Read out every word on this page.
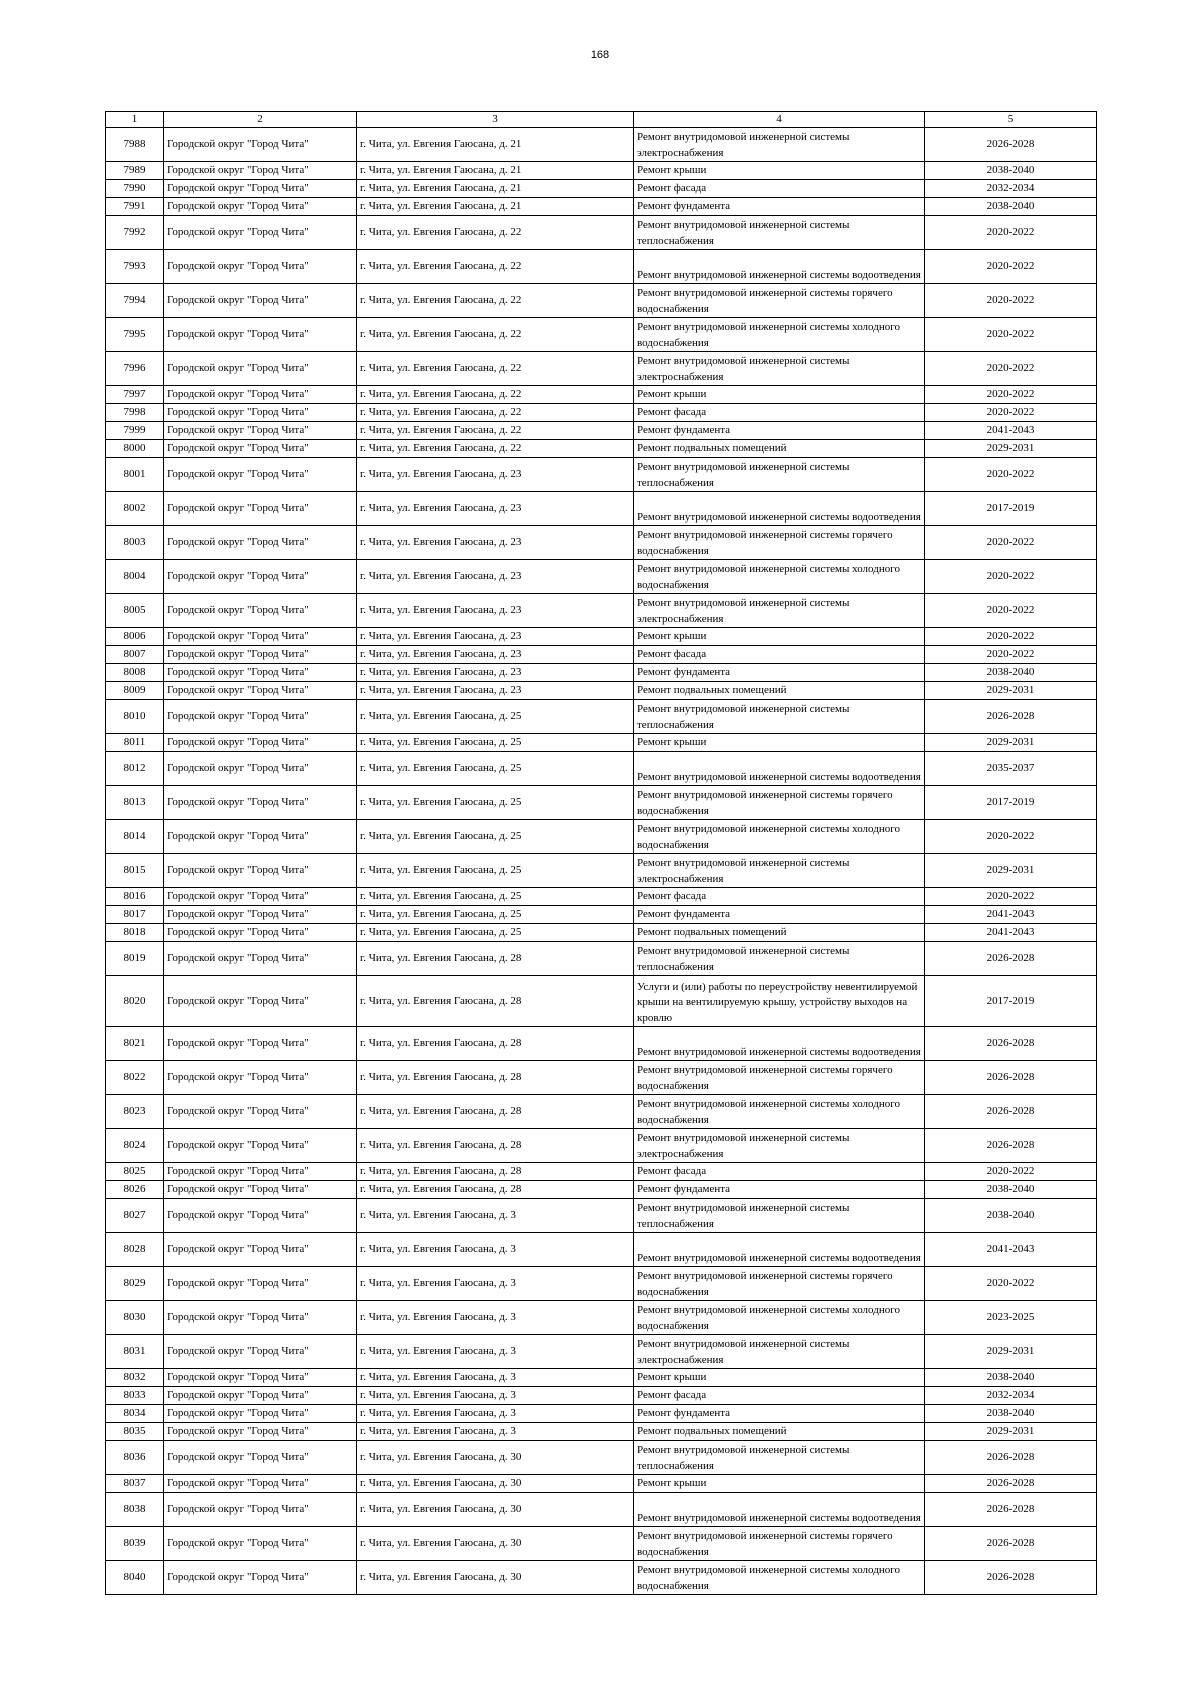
168
1	2	3	4	5
7988	Городской округ "Город Чита"	г. Чита, ул. Евгения Гаюсана, д. 21	Ремонт внутридомовой инженерной системы электроснабжения	2026-2028
7989	Городской округ "Город Чита"	г. Чита, ул. Евгения Гаюсана, д. 21	Ремонт крыши	2038-2040
7990	Городской округ "Город Чита"	г. Чита, ул. Евгения Гаюсана, д. 21	Ремонт фасада	2032-2034
7991	Городской округ "Город Чита"	г. Чита, ул. Евгения Гаюсана, д. 21	Ремонт фундамента	2038-2040
7992	Городской округ "Город Чита"	г. Чита, ул. Евгения Гаюсана, д. 22	Ремонт внутридомовой инженерной системы теплоснабжения	2020-2022
7993	Городской округ "Город Чита"	г. Чита, ул. Евгения Гаюсана, д. 22	Ремонт внутридомовой инженерной системы водоотведения	2020-2022
7994	Городской округ "Город Чита"	г. Чита, ул. Евгения Гаюсана, д. 22	Ремонт внутридомовой инженерной системы горячего водоснабжения	2020-2022
7995	Городской округ "Город Чита"	г. Чита, ул. Евгения Гаюсана, д. 22	Ремонт внутридомовой инженерной системы холодного водоснабжения	2020-2022
7996	Городской округ "Город Чита"	г. Чита, ул. Евгения Гаюсана, д. 22	Ремонт внутридомовой инженерной системы электроснабжения	2020-2022
7997	Городской округ "Город Чита"	г. Чита, ул. Евгения Гаюсана, д. 22	Ремонт крыши	2020-2022
7998	Городской округ "Город Чита"	г. Чита, ул. Евгения Гаюсана, д. 22	Ремонт фасада	2020-2022
7999	Городской округ "Город Чита"	г. Чита, ул. Евгения Гаюсана, д. 22	Ремонт фундамента	2041-2043
8000	Городской округ "Город Чита"	г. Чита, ул. Евгения Гаюсана, д. 22	Ремонт подвальных помещений	2029-2031
8001	Городской округ "Город Чита"	г. Чита, ул. Евгения Гаюсана, д. 23	Ремонт внутридомовой инженерной системы теплоснабжения	2020-2022
8002	Городской округ "Город Чита"	г. Чита, ул. Евгения Гаюсана, д. 23	Ремонт внутридомовой инженерной системы водоотведения	2017-2019
8003	Городской округ "Город Чита"	г. Чита, ул. Евгения Гаюсана, д. 23	Ремонт внутридомовой инженерной системы горячего водоснабжения	2020-2022
8004	Городской округ "Город Чита"	г. Чита, ул. Евгения Гаюсана, д. 23	Ремонт внутридомовой инженерной системы холодного водоснабжения	2020-2022
8005	Городской округ "Город Чита"	г. Чита, ул. Евгения Гаюсана, д. 23	Ремонт внутридомовой инженерной системы электроснабжения	2020-2022
8006	Городской округ "Город Чита"	г. Чита, ул. Евгения Гаюсана, д. 23	Ремонт крыши	2020-2022
8007	Городской округ "Город Чита"	г. Чита, ул. Евгения Гаюсана, д. 23	Ремонт фасада	2020-2022
8008	Городской округ "Город Чита"	г. Чита, ул. Евгения Гаюсана, д. 23	Ремонт фундамента	2038-2040
8009	Городской округ "Город Чита"	г. Чита, ул. Евгения Гаюсана, д. 23	Ремонт подвальных помещений	2029-2031
8010	Городской округ "Город Чита"	г. Чита, ул. Евгения Гаюсана, д. 25	Ремонт внутридомовой инженерной системы теплоснабжения	2026-2028
8011	Городской округ "Город Чита"	г. Чита, ул. Евгения Гаюсана, д. 25	Ремонт крыши	2029-2031
8012	Городской округ "Город Чита"	г. Чита, ул. Евгения Гаюсана, д. 25	Ремонт внутридомовой инженерной системы водоотведения	2035-2037
8013	Городской округ "Город Чита"	г. Чита, ул. Евгения Гаюсана, д. 25	Ремонт внутридомовой инженерной системы горячего водоснабжения	2017-2019
8014	Городской округ "Город Чита"	г. Чита, ул. Евгения Гаюсана, д. 25	Ремонт внутридомовой инженерной системы холодного водоснабжения	2020-2022
8015	Городской округ "Город Чита"	г. Чита, ул. Евгения Гаюсана, д. 25	Ремонт внутридомовой инженерной системы электроснабжения	2029-2031
8016	Городской округ "Город Чита"	г. Чита, ул. Евгения Гаюсана, д. 25	Ремонт фасада	2020-2022
8017	Городской округ "Город Чита"	г. Чита, ул. Евгения Гаюсана, д. 25	Ремонт фундамента	2041-2043
8018	Городской округ "Город Чита"	г. Чита, ул. Евгения Гаюсана, д. 25	Ремонт подвальных помещений	2041-2043
8019	Городской округ "Город Чита"	г. Чита, ул. Евгения Гаюсана, д. 28	Ремонт внутридомовой инженерной системы теплоснабжения	2026-2028
8020	Городской округ "Город Чита"	г. Чита, ул. Евгения Гаюсана, д. 28	Услуги и (или) работы по переустройству невентилируемой крыши на вентилируемую крышу, устройству выходов на кровлю	2017-2019
8021	Городской округ "Город Чита"	г. Чита, ул. Евгения Гаюсана, д. 28	Ремонт внутридомовой инженерной системы водоотведения	2026-2028
8022	Городской округ "Город Чита"	г. Чита, ул. Евгения Гаюсана, д. 28	Ремонт внутридомовой инженерной системы горячего водоснабжения	2026-2028
8023	Городской округ "Город Чита"	г. Чита, ул. Евгения Гаюсана, д. 28	Ремонт внутридомовой инженерной системы холодного водоснабжения	2026-2028
8024	Городской округ "Город Чита"	г. Чита, ул. Евгения Гаюсана, д. 28	Ремонт внутридомовой инженерной системы электроснабжения	2026-2028
8025	Городской округ "Город Чита"	г. Чита, ул. Евгения Гаюсана, д. 28	Ремонт фасада	2020-2022
8026	Городской округ "Город Чита"	г. Чита, ул. Евгения Гаюсана, д. 28	Ремонт фундамента	2038-2040
8027	Городской округ "Город Чита"	г. Чита, ул. Евгения Гаюсана, д. 3	Ремонт внутридомовой инженерной системы теплоснабжения	2038-2040
8028	Городской округ "Город Чита"	г. Чита, ул. Евгения Гаюсана, д. 3	Ремонт внутридомовой инженерной системы водоотведения	2041-2043
8029	Городской округ "Город Чита"	г. Чита, ул. Евгения Гаюсана, д. 3	Ремонт внутридомовой инженерной системы горячего водоснабжения	2020-2022
8030	Городской округ "Город Чита"	г. Чита, ул. Евгения Гаюсана, д. 3	Ремонт внутридомовой инженерной системы холодного водоснабжения	2023-2025
8031	Городской округ "Город Чита"	г. Чита, ул. Евгения Гаюсана, д. 3	Ремонт внутридомовой инженерной системы электроснабжения	2029-2031
8032	Городской округ "Город Чита"	г. Чита, ул. Евгения Гаюсана, д. 3	Ремонт крыши	2038-2040
8033	Городской округ "Город Чита"	г. Чита, ул. Евгения Гаюсана, д. 3	Ремонт фасада	2032-2034
8034	Городской округ "Город Чита"	г. Чита, ул. Евгения Гаюсана, д. 3	Ремонт фундамента	2038-2040
8035	Городской округ "Город Чита"	г. Чита, ул. Евгения Гаюсана, д. 3	Ремонт подвальных помещений	2029-2031
8036	Городской округ "Город Чита"	г. Чита, ул. Евгения Гаюсана, д. 30	Ремонт внутридомовой инженерной системы теплоснабжения	2026-2028
8037	Городской округ "Город Чита"	г. Чита, ул. Евгения Гаюсана, д. 30	Ремонт крыши	2026-2028
8038	Городской округ "Город Чита"	г. Чита, ул. Евгения Гаюсана, д. 30	Ремонт внутридомовой инженерной системы водоотведения	2026-2028
8039	Городской округ "Город Чита"	г. Чита, ул. Евгения Гаюсана, д. 30	Ремонт внутридомовой инженерной системы горячего водоснабжения	2026-2028
8040	Городской округ "Город Чита"	г. Чита, ул. Евгения Гаюсана, д. 30	Ремонт внутридомовой инженерной системы холодного водоснабжения	2026-2028
